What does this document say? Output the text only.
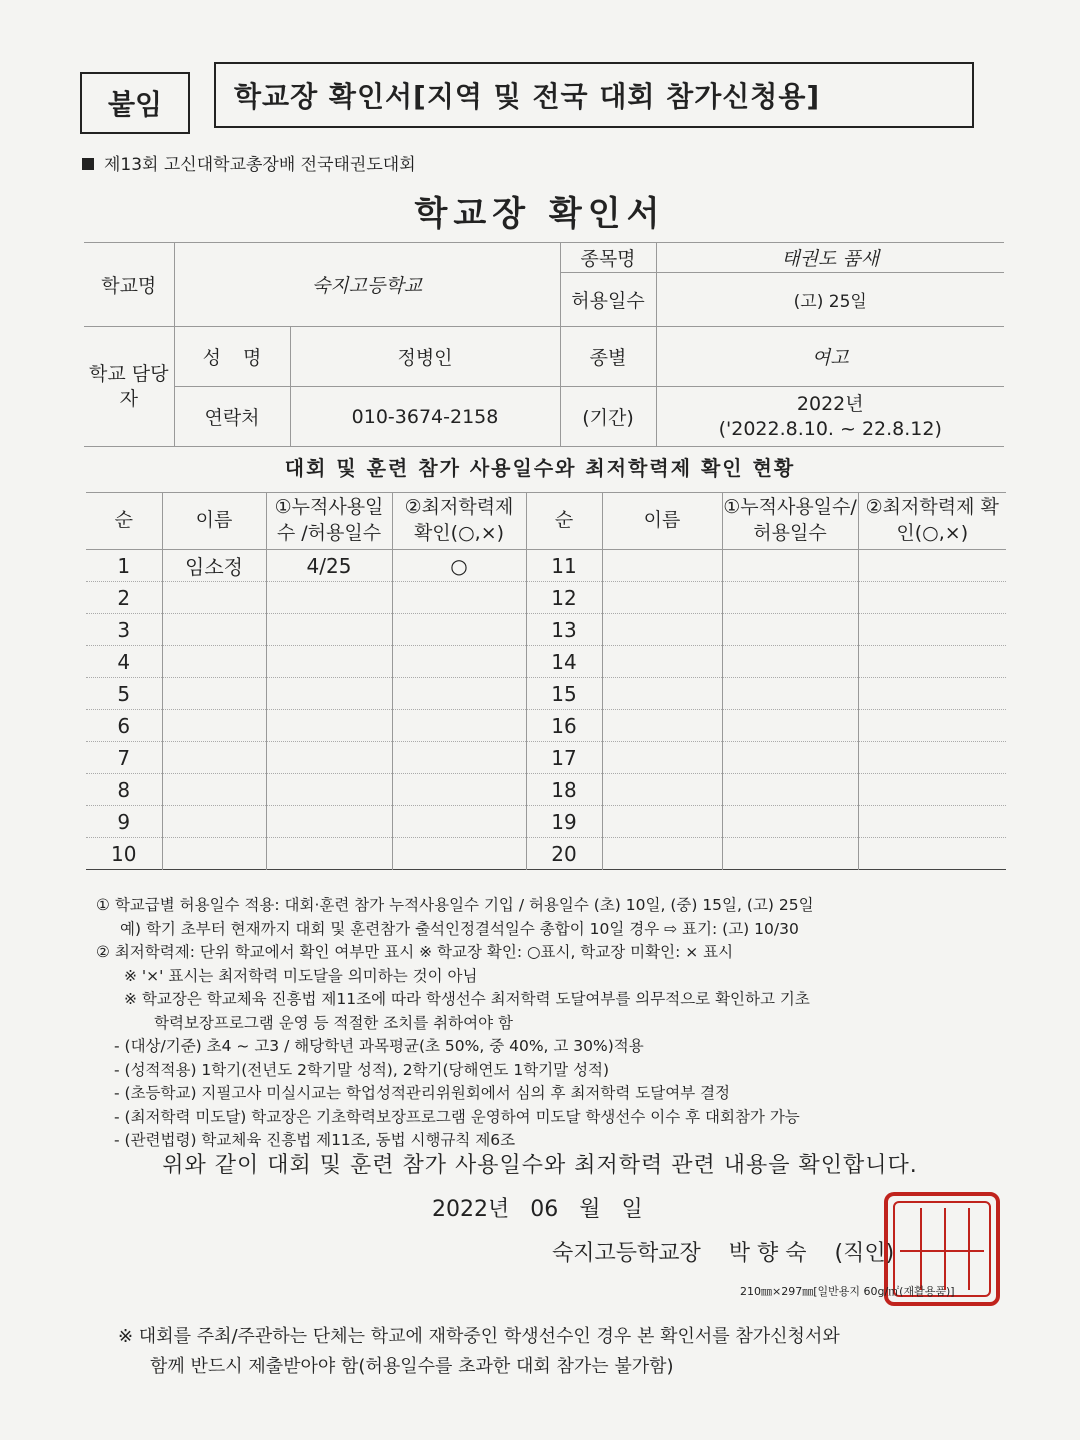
붙임	학교장 확인서[지역 및 전국 대회 참가신청용]
제13회 고신대학교총장배 전국태권도대회
학교장 확인서
학교명	숙지고등학교		종목명	태권도 품새
			허용일수	(고) 25일
학교 담당자	성 명	정병인	종별	여고
	연락처	010-3674-2158	(기간)	2022년
('2022.8.10. ~ 22.8.12)
대회 및 훈련 참가 사용일수와 최저학력제 확인 현황
순	이름	①누적사용일수 /허용일수	②최저학력제 확인(○,×)	순	이름	①누적사용일수/ 허용일수	②최저학력제 확인(○,×)
1	임소정	4/25	○	11			
2				12			
3				13			
4				14			
5				15			
6				16			
7				17			
8				18			
9				19			
10				20			
① 학교급별 허용일수 적용: 대회·훈련 참가 누적사용일수 기입 / 허용일수 (초) 10일, (중) 15일, (고) 25일
예) 학기 초부터 현재까지 대회 및 훈련참가 출석인정결석일수 총합이 10일 경우 ⇨ 표기: (고) 10/30
② 최저학력제: 단위 학교에서 확인 여부만 표시 ※ 학교장 확인: ○표시, 학교장 미확인: × 표시
※ '×' 표시는 최저학력 미도달을 의미하는 것이 아님
※ 학교장은 학교체육 진흥법 제11조에 따라 학생선수 최저학력 도달여부를 의무적으로 확인하고 기초
학력보장프로그램 운영 등 적절한 조치를 취하여야 함
- (대상/기준) 초4 ~ 고3 / 해당학년 과목평균(초 50%, 중 40%, 고 30%)적용
- (성적적용) 1학기(전년도 2학기말 성적), 2학기(당해연도 1학기말 성적)
- (초등학교) 지필고사 미실시교는 학업성적관리위원회에서 심의 후 최저학력 도달여부 결정
- (최저학력 미도달) 학교장은 기초학력보장프로그램 운영하여 미도달 학생선수 이수 후 대회참가 가능
- (관련법령) 학교체육 진흥법 제11조, 동법 시행규칙 제6조
위와 같이 대회 및 훈련 참가 사용일수와 최저학력 관련 내용을 확인합니다.
2022년 06 월 일
숙지고등학교장 박 향 숙 (직인)
210㎜×297㎜[일반용지 60g/㎡(재활용품)]
※ 대회를 주최/주관하는 단체는 학교에 재학중인 학생선수인 경우 본 확인서를 참가신청서와
함께 반드시 제출받아야 함(허용일수를 초과한 대회 참가는 불가함)
